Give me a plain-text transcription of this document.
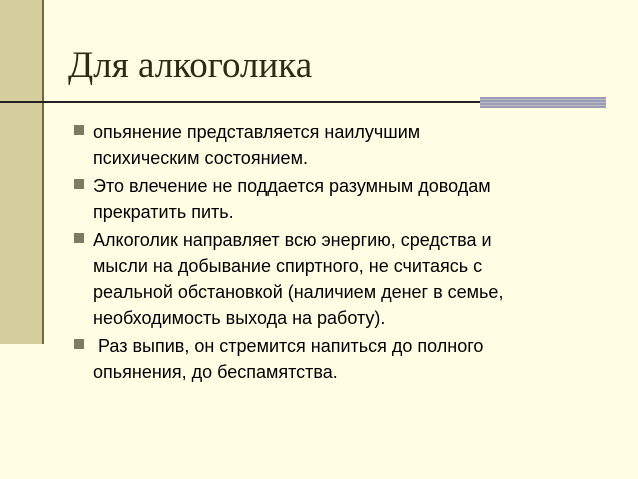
Для алкоголика
опьянение представляется наилучшим
психическим состоянием.
Это влечение не поддается разумным доводам
прекратить пить.
Алкоголик направляет всю энергию, средства и
мысли на добывание спиртного, не считаясь с
реальной обстановкой (наличием денег в семье,
необходимость выхода на работу).
Раз выпив, он стремится напиться до полного
опьянения, до беспамятства.
